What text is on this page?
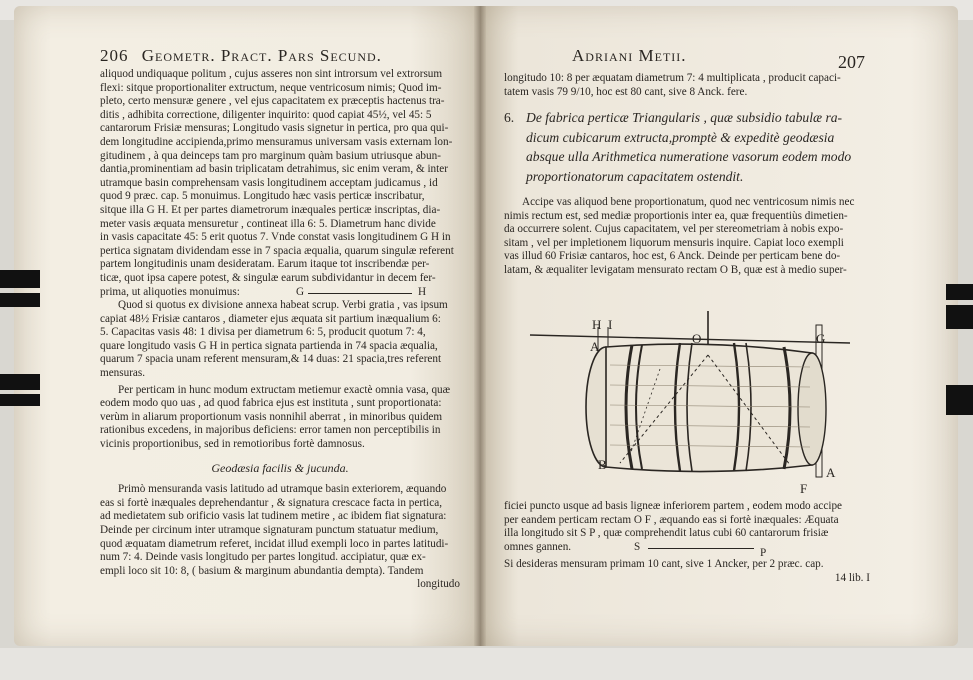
206 Geometr. Pract. Pars Secund.
aliquod undiquaque politum , cujus asseres non sint introrsum vel extrorsum
flexi: sitque proportionaliter extructum, neque ventricosum nimis; Quod im-
pleto, certo mensuræ genere , vel ejus capacitatem ex præceptis hactenus tra-
ditis , adhibita correctione, diligenter inquirito: quod capiat 45½, vel 45: 5
cantarorum Frisiæ mensuras; Longitudo vasis signetur in pertica, pro qua qui-
dem longitudine accipienda,primo mensuramus universam vasis externam lon-
gitudinem , à qua deinceps tam pro marginum quàm basium utriusque abun-
dantia,prominentiam ad basin triplicatam detrahimus, sic enim veram, & inter
utramque basin comprehensam vasis longitudinem acceptam judicamus , id
quod 9 præc. cap. 5 monuimus. Longitudo hæc vasis perticæ inscribatur,
sitque illa G H. Et per partes diametrorum inæquales perticæ inscriptas, dia-
meter vasis æquata mensuretur , contineat illa 6: 5. Diametrum hanc divide
in vasis capacitate 45: 5 erit quotus 7. Vnde constat vasis longitudinem G H in
pertica signatam dividendam esse in 7 spacia æqualia, quarum singulæ referent
partem longitudinis unam desideratam. Earum itaque tot inscribendæ per-
ticæ, quot ipsa capere potest, & singulæ earum subdividantur in decem fer-
prima, ut aliquoties monuimus:	G	H
Quod si quotus ex divisione annexa habeat scrup. Verbi gratia , vas ipsum
capiat 48½ Frisiæ cantaros , diameter ejus æquata sit partium inæqualium 6:
5. Capacitas vasis 48: 1 divisa per diametrum 6: 5, producit quotum 7: 4,
quare longitudo vasis G H in pertica signata partienda in 74 spacia æqualia,
quarum 7 spacia unam referent mensuram,& 14 duas: 21 spacia,tres referent
mensuras.
Per perticam in hunc modum extructam metiemur exactè omnia vasa, quæ
eodem modo quo uas , ad quod fabrica ejus est instituta , sunt proportionata:
verùm in aliarum proportionum vasis nonnihil aberrat , in minoribus quidem
rationibus excedens, in majoribus deficiens: error tamen non perceptibilis in
vicinis proportionibus, sed in remotioribus fortè damnosus.
Geodæsia facilis & jucunda.
Primò mensuranda vasis latitudo ad utramque basin exteriorem, æquando
eas si fortè inæquales deprehendantur , & signatura crescace facta in pertica,
ad medietatem sub orificio vasis lat tudinem metire , ac ibidem fiat signatura:
Deinde per circinum inter utramque signaturam punctum statuatur medium,
quod æquatam diametrum referet, incidat illud exempli loco in partes latitudi-
num 7: 4. Deinde vasis longitudo per partes longitud. accipiatur, quæ ex-
empli loco sit 10: 8, ( basium & marginum abundantia dempta). Tandem
longitudo
Adriani Metii.	207
longitudo 10: 8 per æquatam diametrum 7: 4 multiplicata , producit capaci-
tatem vasis 79 9/10, hoc est 80 cant, sive 8 Anck. fere.
6. De fabrica perticæ Triangularis , quæ subsidio tabulæ ra-
dicum cubicarum extructa,promptè & expeditè geodæsia
absque ulla Arithmetica numeratione vasorum eodem modo
proportionatorum capacitatem ostendit.
Accipe vas aliquod bene proportionatum, quod nec ventricosum nimis nec
nimis rectum est, sed mediæ proportionis inter ea, quæ frequentiùs dimetien-
da occurrere solent. Cujus capacitatem, vel per stereometriam à nobis expo-
sitam , vel per impletionem liquorum mensuris inquire. Capiat loco exempli
vas illud 60 Frisiæ cantaros, hoc est, 6 Anck. Deinde per perticam bene do-
latam, & æqualiter levigatam mensurato rectam O B, quæ est à medio super-
ficiei puncto usque ad basis ligneæ inferiorem partem , eodem modo accipe
per eandem perticam rectam O F , æquando eas si fortè inæquales: Æquata
illa longitudo sit S P , quæ comprehendit latus cubi 60 cantarorum frisiæ
omnes gannen.	S	P
Si desideras mensuram primam 10 cant, sive 1 Ancker, per 2 præc. cap.
14 lib. I
H I
O	G
A
B
F
A
